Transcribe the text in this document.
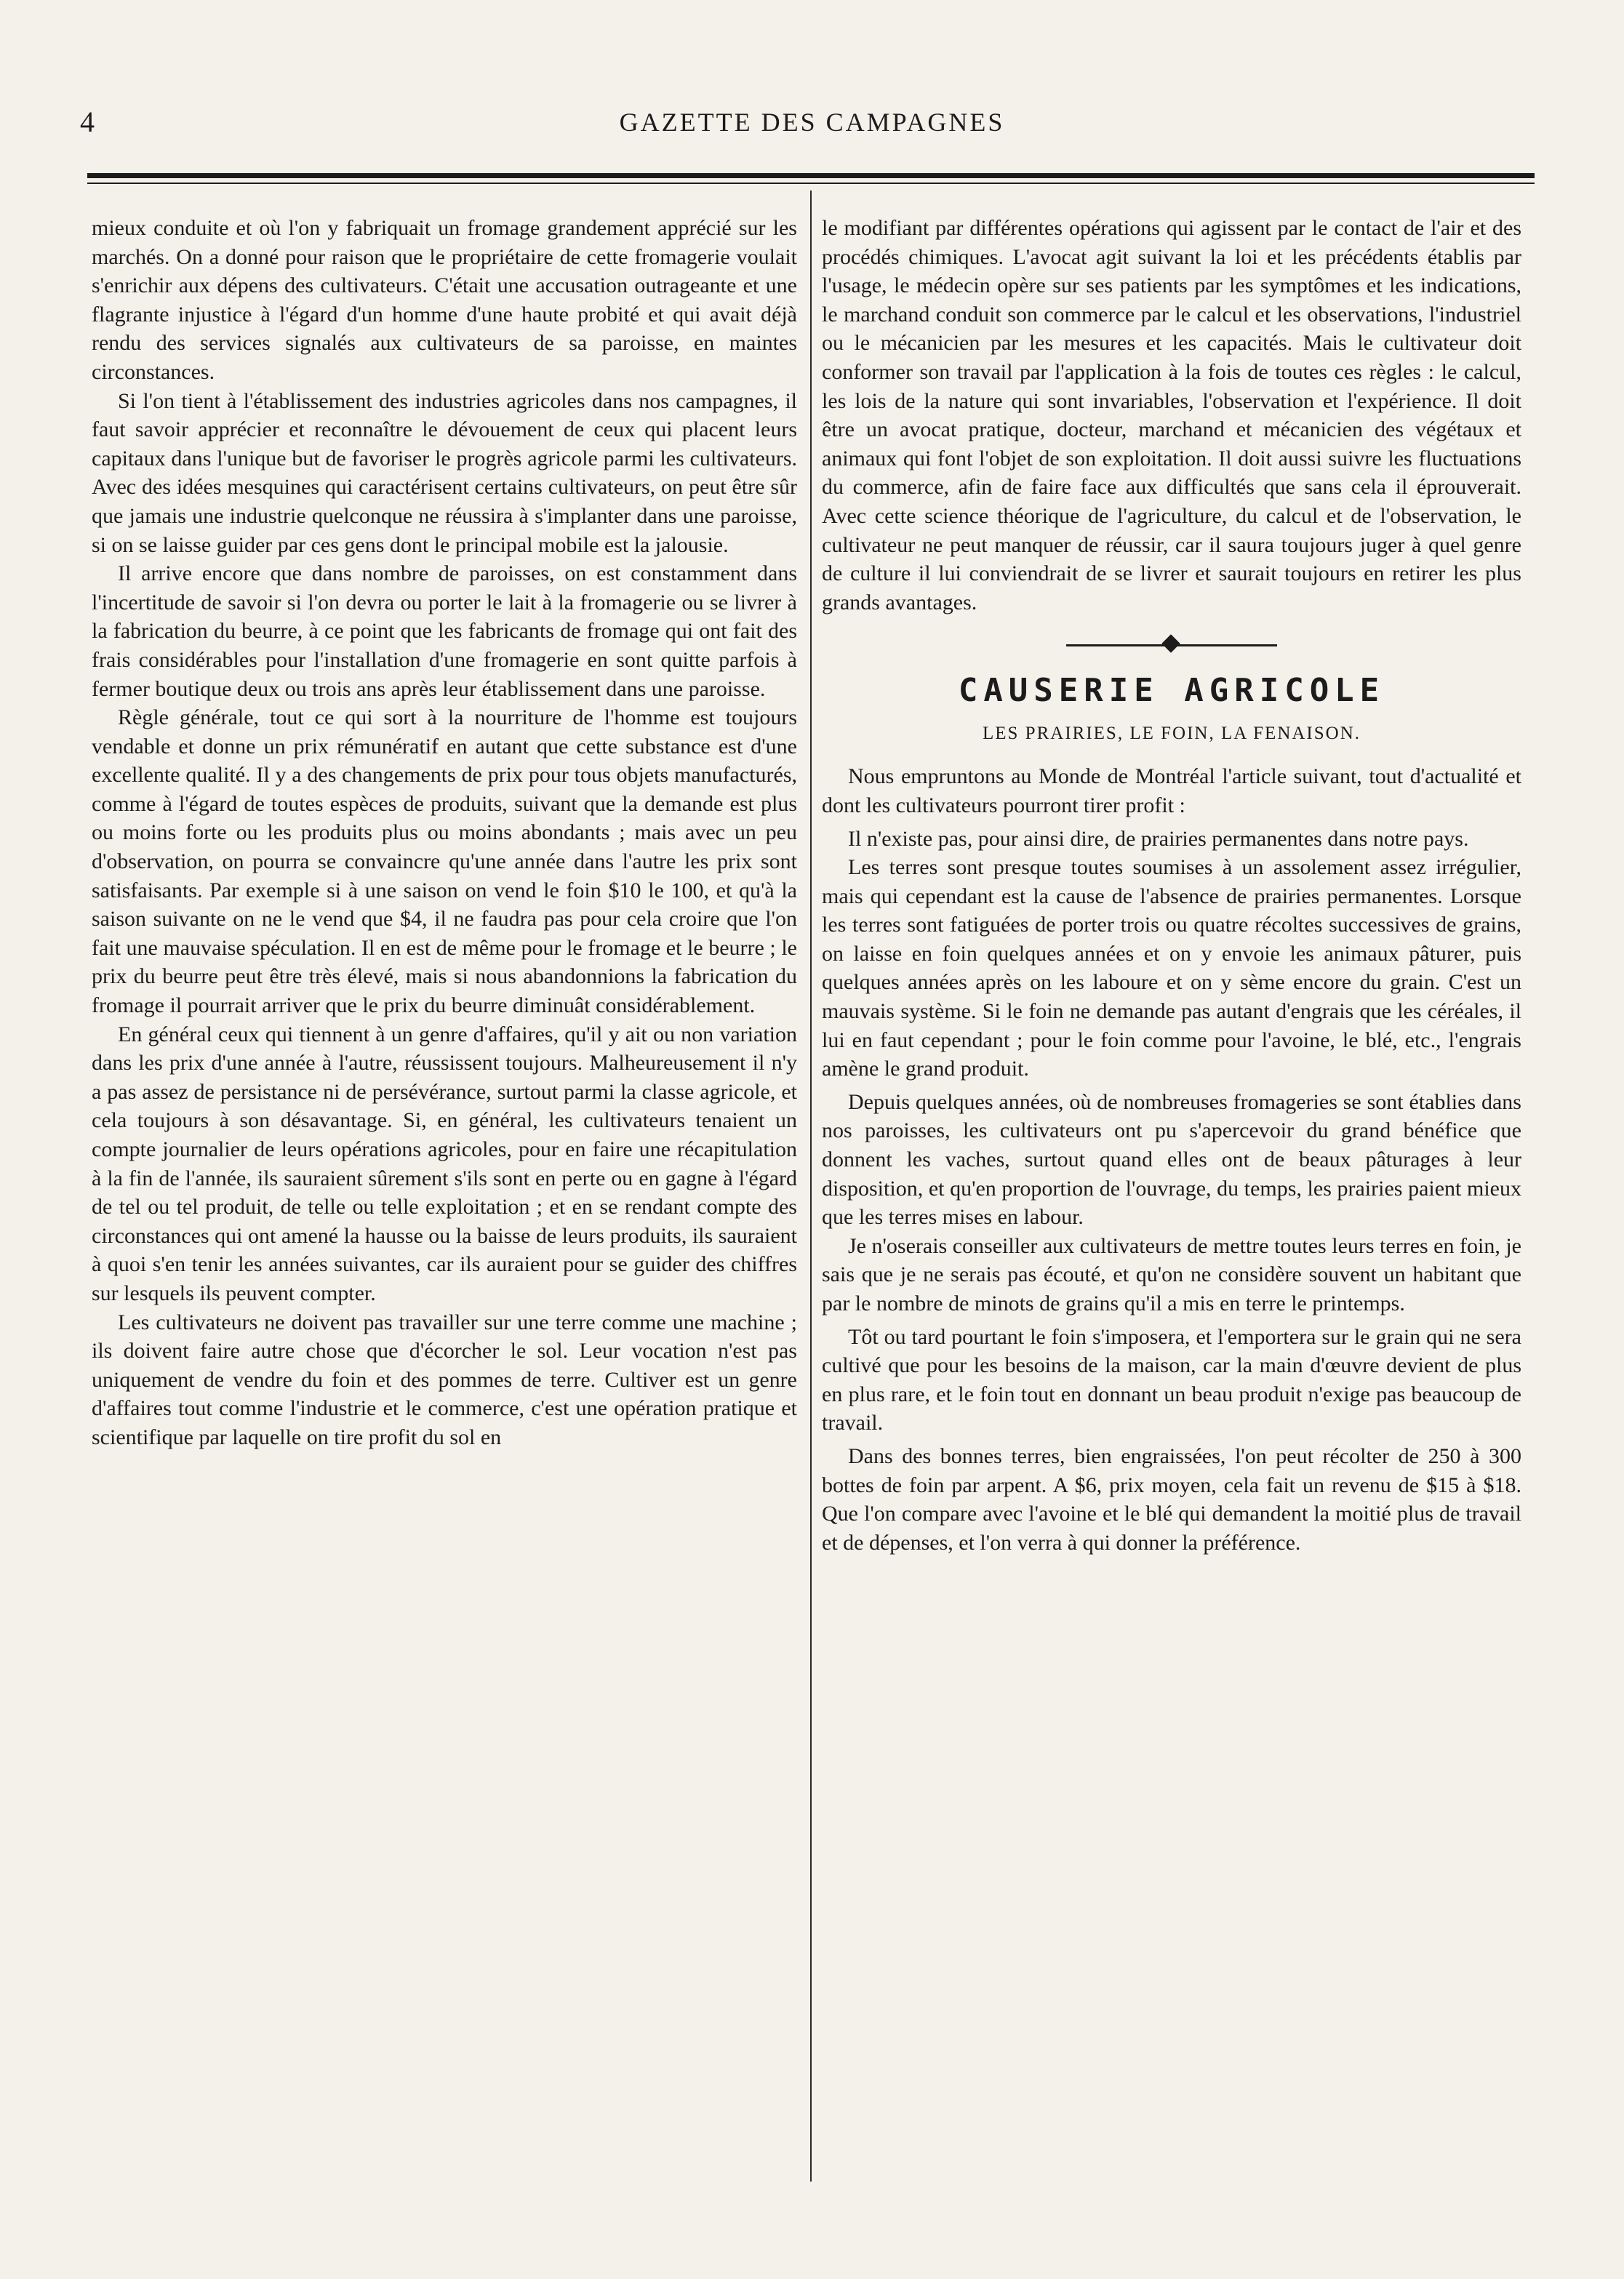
4	GAZETTE DES CAMPAGNES

mieux conduite et où l'on y fabriquait un fromage grandement apprécié sur les marchés. On a donné pour raison que le propriétaire de cette fromagerie voulait s'enrichir aux dépens des cultivateurs. C'était une accusation outrageante et une flagrante injustice à l'égard d'un homme d'une haute probité et qui avait déjà rendu des services signalés aux cultivateurs de sa paroisse, en maintes circonstances.

Si l'on tient à l'établissement des industries agricoles dans nos campagnes, il faut savoir apprécier et reconnaître le dévouement de ceux qui placent leurs capitaux dans l'unique but de favoriser le progrès agricole parmi les cultivateurs. Avec des idées mesquines qui caractérisent certains cultivateurs, on peut être sûr que jamais une industrie quelconque ne réussira à s'implanter dans une paroisse, si on se laisse guider par ces gens dont le principal mobile est la jalousie.

Il arrive encore que dans nombre de paroisses, on est constamment dans l'incertitude de savoir si l'on devra ou porter le lait à la fromagerie ou se livrer à la fabrication du beurre, à ce point que les fabricants de fromage qui ont fait des frais considérables pour l'installation d'une fromagerie en sont quitte parfois à fermer boutique deux ou trois ans après leur établissement dans une paroisse.

Règle générale, tout ce qui sort à la nourriture de l'homme est toujours vendable et donne un prix rémunératif en autant que cette substance est d'une excellente qualité. Il y a des changements de prix pour tous objets manufacturés, comme à l'égard de toutes espèces de produits, suivant que la demande est plus ou moins forte ou les produits plus ou moins abondants ; mais avec un peu d'observation, on pourra se convaincre qu'une année dans l'autre les prix sont satisfaisants. Par exemple si à une saison on vend le foin $10 le 100, et qu'à la saison suivante on ne le vend que $4, il ne faudra pas pour cela croire que l'on fait une mauvaise spéculation. Il en est de même pour le fromage et le beurre ; le prix du beurre peut être très élevé, mais si nous abandonnions la fabrication du fromage il pourrait arriver que le prix du beurre diminuât considérablement.

En général ceux qui tiennent à un genre d'affaires, qu'il y ait ou non variation dans les prix d'une année à l'autre, réussissent toujours. Malheureusement il n'y a pas assez de persistance ni de persévérance, surtout parmi la classe agricole, et cela toujours à son désavantage. Si, en général, les cultivateurs tenaient un compte journalier de leurs opérations agricoles, pour en faire une récapitulation à la fin de l'année, ils sauraient sûrement s'ils sont en perte ou en gagne à l'égard de tel ou tel produit, de telle ou telle exploitation ; et en se rendant compte des circonstances qui ont amené la hausse ou la baisse de leurs produits, ils sauraient à quoi s'en tenir les années suivantes, car ils auraient pour se guider des chiffres sur lesquels ils peuvent compter.

Les cultivateurs ne doivent pas travailler sur une terre comme une machine ; ils doivent faire autre chose que d'écorcher le sol. Leur vocation n'est pas uniquement de vendre du foin et des pommes de terre. Cultiver est un genre d'affaires tout comme l'industrie et le commerce, c'est une opération pratique et scientifique par laquelle on tire profit du sol en

le modifiant par différentes opérations qui agissent par le contact de l'air et des procédés chimiques. L'avocat agit suivant la loi et les précédents établis par l'usage, le médecin opère sur ses patients par les symptômes et les indications, le marchand conduit son commerce par le calcul et les observations, l'industriel ou le mécanicien par les mesures et les capacités. Mais le cultivateur doit conformer son travail par l'application à la fois de toutes ces règles : le calcul, les lois de la nature qui sont invariables, l'observation et l'expérience. Il doit être un avocat pratique, docteur, marchand et mécanicien des végétaux et animaux qui font l'objet de son exploitation. Il doit aussi suivre les fluctuations du commerce, afin de faire face aux difficultés que sans cela il éprouverait. Avec cette science théorique de l'agriculture, du calcul et de l'observation, le cultivateur ne peut manquer de réussir, car il saura toujours juger à quel genre de culture il lui conviendrait de se livrer et saurait toujours en retirer les plus grands avantages.

CAUSERIE AGRICOLE
LES PRAIRIES, LE FOIN, LA FENAISON.

Nous empruntons au Monde de Montréal l'article suivant, tout d'actualité et dont les cultivateurs pourront tirer profit :

Il n'existe pas, pour ainsi dire, de prairies permanentes dans notre pays.

Les terres sont presque toutes soumises à un assolement assez irrégulier, mais qui cependant est la cause de l'absence de prairies permanentes. Lorsque les terres sont fatiguées de porter trois ou quatre récoltes successives de grains, on laisse en foin quelques années et on y envoie les animaux pâturer, puis quelques années après on les laboure et on y sème encore du grain. C'est un mauvais système. Si le foin ne demande pas autant d'engrais que les céréales, il lui en faut cependant ; pour le foin comme pour l'avoine, le blé, etc., l'engrais amène le grand produit.

Depuis quelques années, où de nombreuses fromageries se sont établies dans nos paroisses, les cultivateurs ont pu s'apercevoir du grand bénéfice que donnent les vaches, surtout quand elles ont de beaux pâturages à leur disposition, et qu'en proportion de l'ouvrage, du temps, les prairies paient mieux que les terres mises en labour.

Je n'oserais conseiller aux cultivateurs de mettre toutes leurs terres en foin, je sais que je ne serais pas écouté, et qu'on ne considère souvent un habitant que par le nombre de minots de grains qu'il a mis en terre le printemps.

Tôt ou tard pourtant le foin s'imposera, et l'emportera sur le grain qui ne sera cultivé que pour les besoins de la maison, car la main d'œuvre devient de plus en plus rare, et le foin tout en donnant un beau produit n'exige pas beaucoup de travail.

Dans des bonnes terres, bien engraissées, l'on peut récolter de 250 à 300 bottes de foin par arpent. A $6, prix moyen, cela fait un revenu de $15 à $18. Que l'on compare avec l'avoine et le blé qui demandent la moitié plus de travail et de dépenses, et l'on verra à qui donner la préférence.
